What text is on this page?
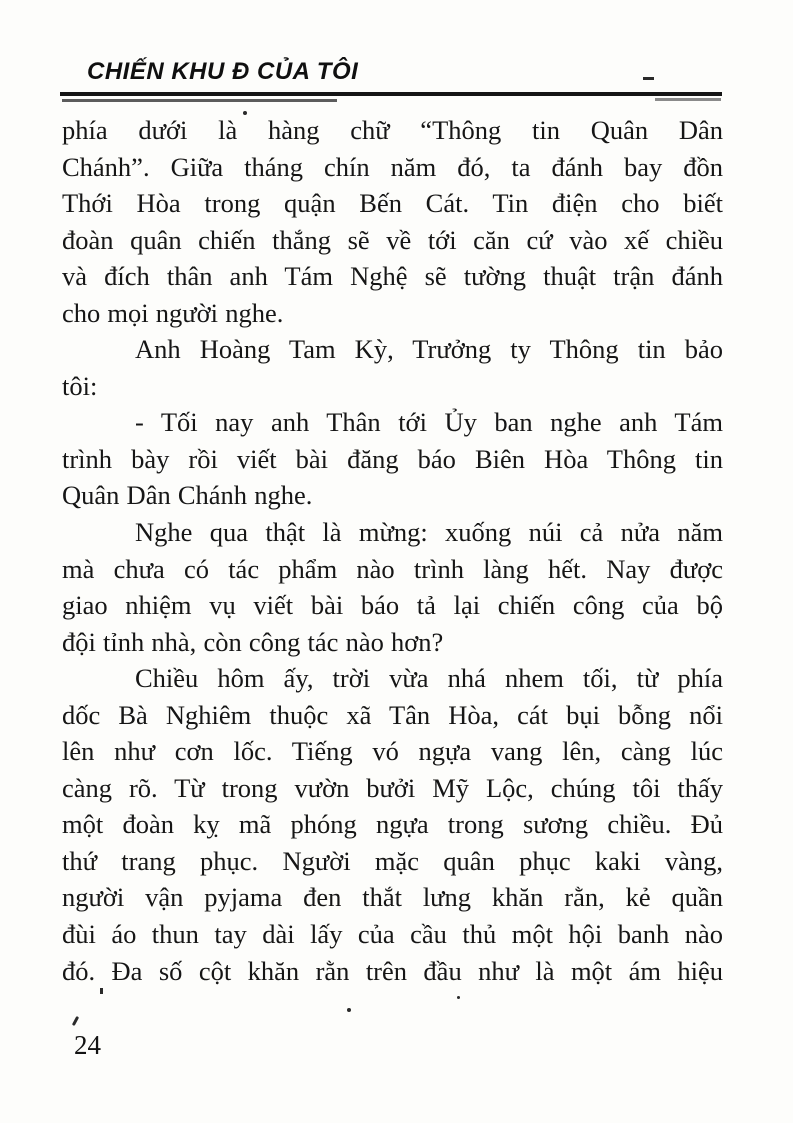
CHIẾN KHU Đ CỦA TÔI
phía dưới là hàng chữ “Thông tin Quân Dân
Chánh”. Giữa tháng chín năm đó, ta đánh bay đồn
Thới Hòa trong quận Bến Cát. Tin điện cho biết
đoàn quân chiến thắng sẽ về tới căn cứ vào xế chiều
và đích thân anh Tám Nghệ sẽ tường thuật trận đánh
cho mọi người nghe.
Anh Hoàng Tam Kỳ, Trưởng ty Thông tin bảo
tôi:
- Tối nay anh Thân tới Ủy ban nghe anh Tám
trình bày rồi viết bài đăng báo Biên Hòa Thông tin
Quân Dân Chánh nghe.
Nghe qua thật là mừng: xuống núi cả nửa năm
mà chưa có tác phẩm nào trình làng hết. Nay được
giao nhiệm vụ viết bài báo tả lại chiến công của bộ
đội tỉnh nhà, còn công tác nào hơn?
Chiều hôm ấy, trời vừa nhá nhem tối, từ phía
dốc Bà Nghiêm thuộc xã Tân Hòa, cát bụi bỗng nổi
lên như cơn lốc. Tiếng vó ngựa vang lên, càng lúc
càng rõ. Từ trong vườn bưởi Mỹ Lộc, chúng tôi thấy
một đoàn kỵ mã phóng ngựa trong sương chiều. Đủ
thứ trang phục. Người mặc quân phục kaki vàng,
người vận pyjama đen thắt lưng khăn rằn, kẻ quần
đùi áo thun tay dài lấy của cầu thủ một hội banh nào
đó. Đa số cột khăn rằn trên đầu như là một ám hiệu
24
